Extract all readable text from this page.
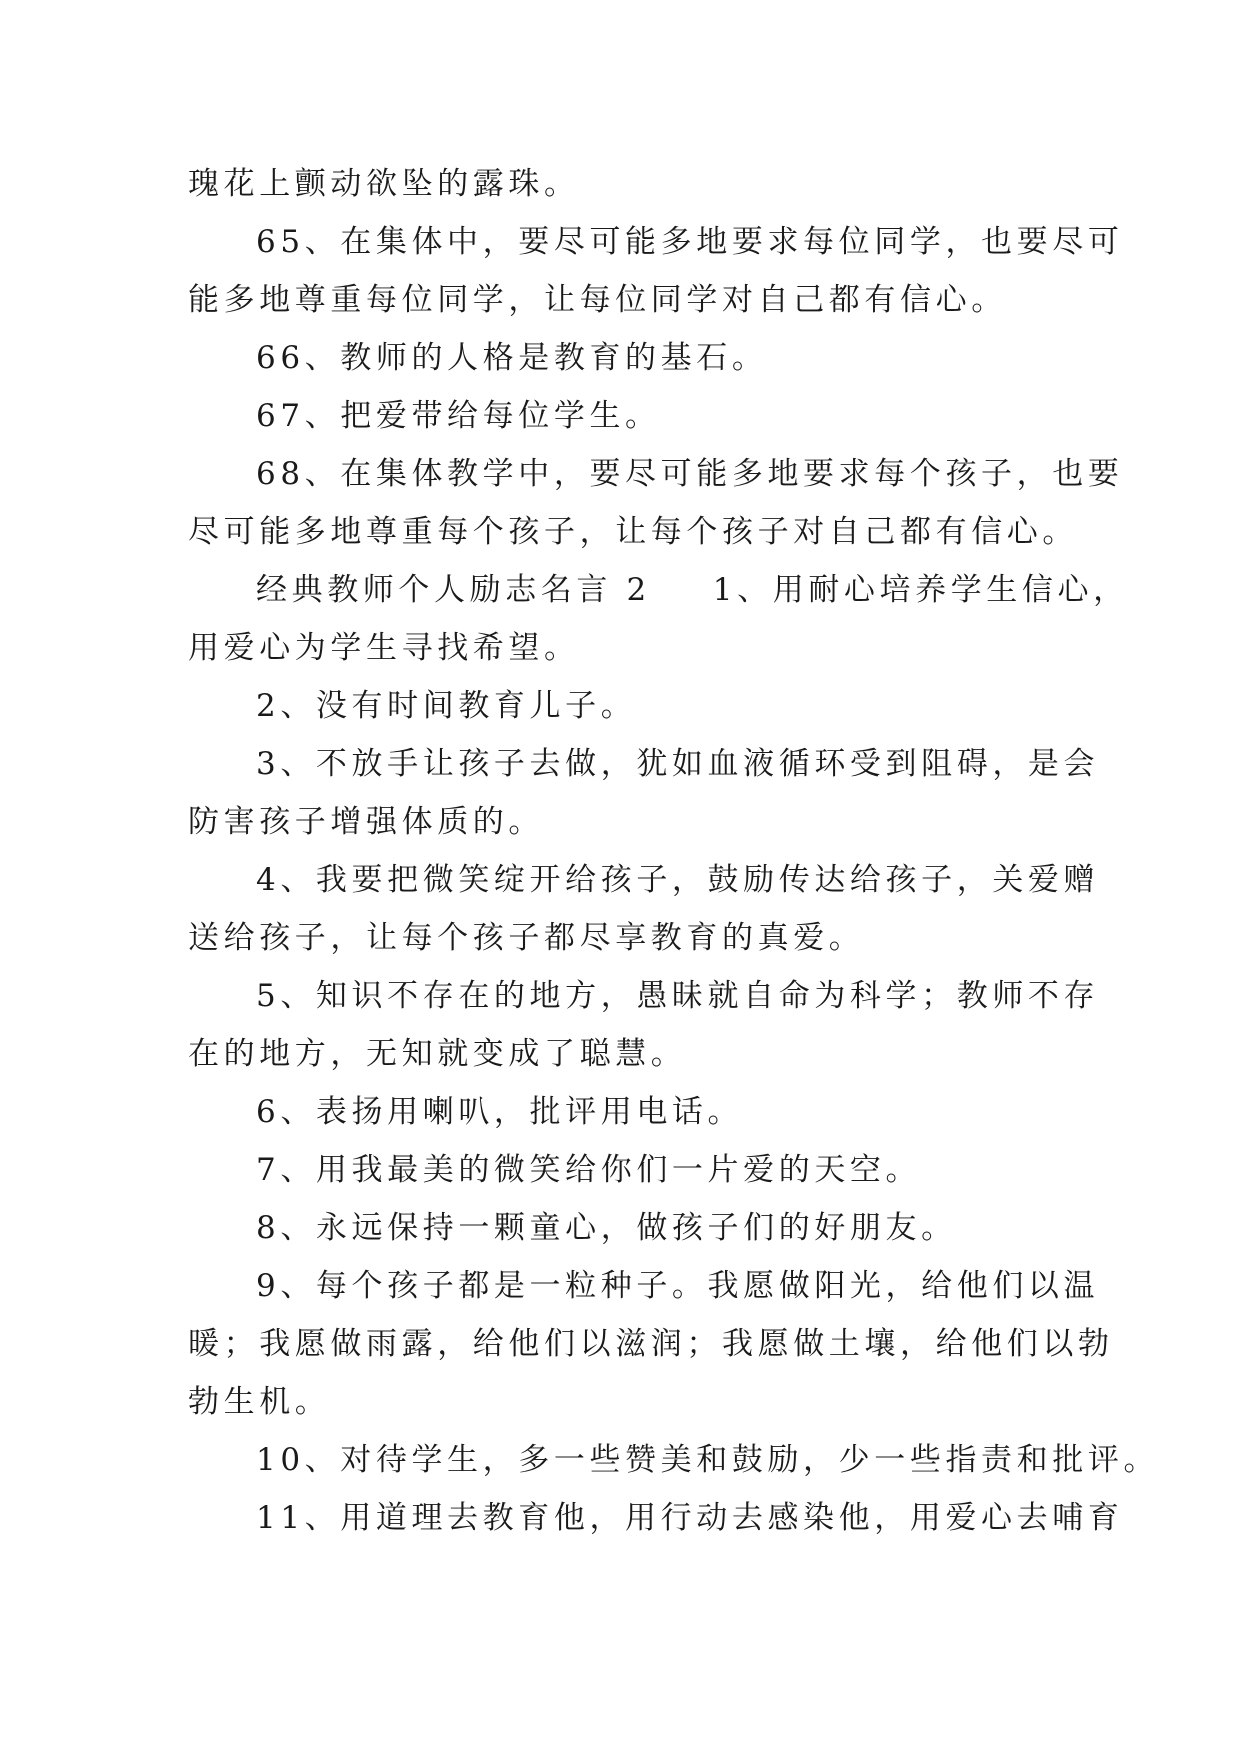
瑰花上颤动欲坠的露珠。
65、在集体中，要尽可能多地要求每位同学，也要尽可
能多地尊重每位同学，让每位同学对自己都有信心。
66、教师的人格是教育的基石。
67、把爱带给每位学生。
68、在集体教学中，要尽可能多地要求每个孩子，也要
尽可能多地尊重每个孩子，让每个孩子对自己都有信心。
经典教师个人励志名言 2 1、用耐心培养学生信心，
用爱心为学生寻找希望。
2、没有时间教育儿子。
3、不放手让孩子去做，犹如血液循环受到阻碍，是会
防害孩子增强体质的。
4、我要把微笑绽开给孩子，鼓励传达给孩子，关爱赠
送给孩子，让每个孩子都尽享教育的真爱。
5、知识不存在的地方，愚昧就自命为科学；教师不存
在的地方，无知就变成了聪慧。
6、表扬用喇叭，批评用电话。
7、用我最美的微笑给你们一片爱的天空。
8、永远保持一颗童心，做孩子们的好朋友。
9、每个孩子都是一粒种子。我愿做阳光，给他们以温
暖；我愿做雨露，给他们以滋润；我愿做土壤，给他们以勃
勃生机。
10、对待学生，多一些赞美和鼓励，少一些指责和批评。
11、用道理去教育他，用行动去感染他，用爱心去哺育
